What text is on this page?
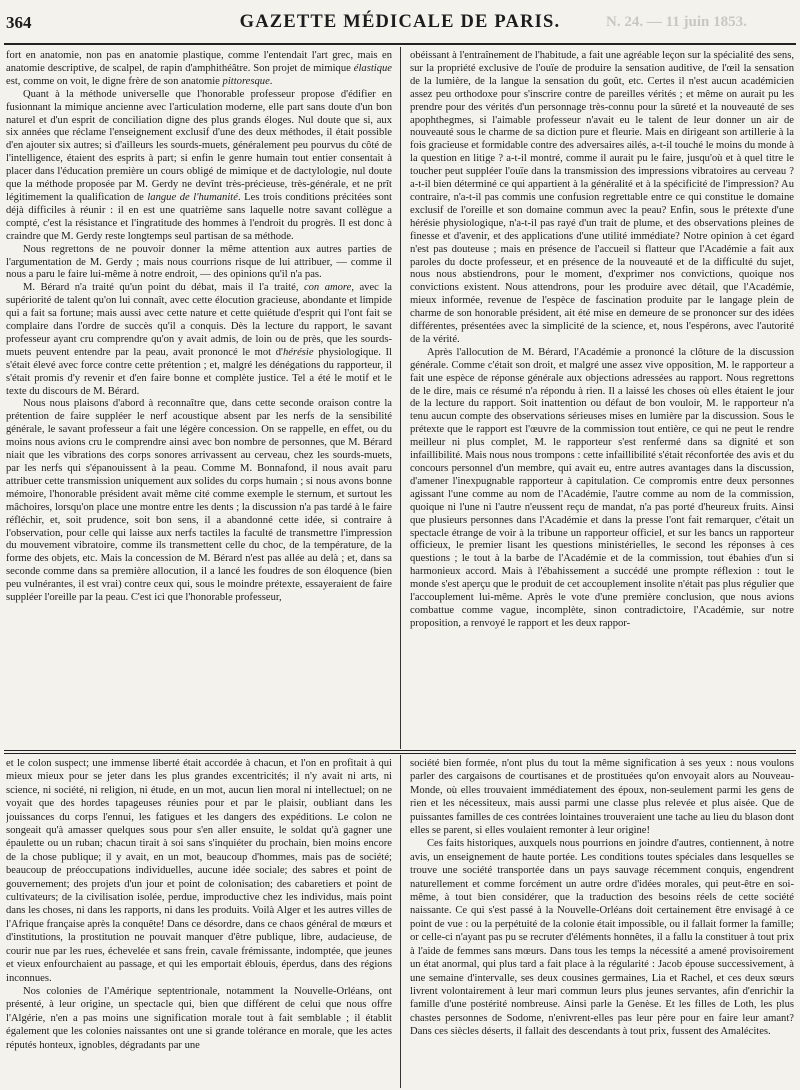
364	GAZETTE MÉDICALE DE PARIS.	N. 24. — 11 juin 1853.

fort en anatomie, non pas en anatomie plastique, comme l'entendait l'art grec, mais en anatomie descriptive, de scalpel, de rapin d'amphithéâtre. Son projet de mimique élastique est, comme on voit, le digne frère de son anatomie pittoresque.

Quant à la méthode universelle que l'honorable professeur propose d'édifier en fusionnant la mimique ancienne avec l'articulation moderne, elle part sans doute d'un bon naturel et d'un esprit de conciliation digne des plus grands éloges. Nul doute que si, aux six années que réclame l'enseignement exclusif d'une des deux méthodes, il était possible d'en ajouter six autres; si d'ailleurs les sourds-muets, généralement peu pourvus du côté de l'intelligence, étaient des esprits à part; si enfin le genre humain tout entier consentait à placer dans l'éducation première un cours obligé de mimique et de dactylologie, nul doute que la méthode proposée par M. Gerdy ne devînt très-précieuse, très-générale, et ne prît légitimement la qualification de langue de l'humanité. Les trois conditions précitées sont déjà difficiles à réunir : il en est une quatrième sans laquelle notre savant collègue a compté, c'est la résistance et l'ingratitude des hommes à l'endroit du progrès. Il est donc à craindre que M. Gerdy reste longtemps seul partisan de sa méthode.

Nous regrettons de ne pouvoir donner la même attention aux autres parties de l'argumentation de M. Gerdy ; mais nous courrions risque de lui attribuer, — comme il nous a paru le faire lui-même à notre endroit, — des opinions qu'il n'a pas.

M. Bérard n'a traité qu'un point du débat, mais il l'a traité, con amore, avec la supériorité de talent qu'on lui connaît, avec cette élocution gracieuse, abondante et limpide qui a fait sa fortune; mais aussi avec cette nature et cette quiétude d'esprit qui l'ont fait se complaire dans l'ordre de succès qu'il a conquis. Dès la lecture du rapport, le savant professeur ayant cru comprendre qu'on y avait admis, de loin ou de près, que les sourds-muets peuvent entendre par la peau, avait prononcé le mot d'hérésie physiologique. Il s'était élevé avec force contre cette prétention ; et, malgré les dénégations du rapporteur, il s'était promis d'y revenir et d'en faire bonne et complète justice. Tel a été le motif et le texte du discours de M. Bérard.

Nous nous plaisons d'abord à reconnaître que, dans cette seconde oraison contre la prétention de faire suppléer le nerf acoustique absent par les nerfs de la sensibilité générale, le savant professeur a fait une légère concession. On se rappelle, en effet, ou du moins nous avions cru le comprendre ainsi avec bon nombre de personnes, que M. Bérard niait que les vibrations des corps sonores arrivassent au cerveau, chez les sourds-muets, par les nerfs qui s'épanouissent à la peau. Comme M. Bonnafond, il nous avait paru attribuer cette transmission uniquement aux solides du corps humain ; si nous avons bonne mémoire, l'honorable président avait même cité comme exemple le sternum, et surtout les mâchoires, lorsqu'on place une montre entre les dents ; la discussion n'a pas tardé à le faire réfléchir, et, soit prudence, soit bon sens, il a abandonné cette idée, si contraire à l'observation, pour celle qui laisse aux nerfs tactiles la faculté de transmettre l'impression du mouvement vibratoire, comme ils transmettent celle du choc, de la température, de la forme des objets, etc. Mais la concession de M. Bérard n'est pas allée au delà ; et, dans sa seconde comme dans sa première allocution, il a lancé les foudres de son éloquence (bien peu vulnérantes, il est vrai) contre ceux qui, sous le moindre prétexte, essayeraient de faire suppléer l'oreille par la peau. C'est ici que l'honorable professeur,

obéissant à l'entraînement de l'habitude, a fait une agréable leçon sur la spécialité des sens, sur la propriété exclusive de l'ouïe de produire la sensation auditive, de l'œil la sensation de la lumière, de la langue la sensation du goût, etc. Certes il n'est aucun académicien assez peu orthodoxe pour s'inscrire contre de pareilles vérités ; et même on aurait pu les prendre pour des vérités d'un personnage très-connu pour la sûreté et la nouveauté de ses apophthegmes, si l'aimable professeur n'avait eu le talent de leur donner un air de nouveauté sous le charme de sa diction pure et fleurie. Mais en dirigeant son artillerie à la fois gracieuse et formidable contre des adversaires ailés, a-t-il touché le moins du monde à la question en litige ? a-t-il montré, comme il aurait pu le faire, jusqu'où et à quel titre le toucher peut suppléer l'ouïe dans la transmission des impressions vibratoires au cerveau ? a-t-il bien déterminé ce qui appartient à la généralité et à la spécificité de l'impression? Au contraire, n'a-t-il pas commis une confusion regrettable entre ce qui constitue le domaine exclusif de l'oreille et son domaine commun avec la peau? Enfin, sous le prétexte d'une hérésie physiologique, n'a-t-il pas rayé d'un trait de plume, et des observations pleines de finesse et d'avenir, et des applications d'une utilité immédiate? Notre opinion à cet égard n'est pas douteuse ; mais en présence de l'accueil si flatteur que l'Académie a fait aux paroles du docte professeur, et en présence de la nouveauté et de la difficulté du sujet, nous nous abstiendrons, pour le moment, d'exprimer nos convictions, quoique nos convictions existent. Nous attendrons, pour les produire avec détail, que l'Académie, mieux informée, revenue de l'espèce de fascination produite par le langage plein de charme de son honorable président, ait été mise en demeure de se prononcer sur des idées différentes, présentées avec la simplicité de la science, et, nous l'espérons, avec l'autorité de la vérité.

Après l'allocution de M. Bérard, l'Académie a prononcé la clôture de la discussion générale. Comme c'était son droit, et malgré une assez vive opposition, M. le rapporteur a fait une espèce de réponse générale aux objections adressées au rapport. Nous regrettons de le dire, mais ce résumé n'a répondu à rien. Il a laissé les choses où elles étaient le jour de la lecture du rapport. Soit inattention ou défaut de bon vouloir, M. le rapporteur n'a tenu aucun compte des observations sérieuses mises en lumière par la discussion. Sous le prétexte que le rapport est l'œuvre de la commission tout entière, ce qui ne peut le rendre meilleur ni plus complet, M. le rapporteur s'est renfermé dans sa dignité et son infaillibilité. Mais nous nous trompons : cette infaillibilité s'était réconfortée des avis et du concours personnel d'un membre, qui avait eu, entre autres avantages dans la discussion, d'amener l'inexpugnable rapporteur à capitulation. Ce compromis entre deux personnes agissant l'une comme au nom de l'Académie, l'autre comme au nom de la commission, quoique ni l'une ni l'autre n'eussent reçu de mandat, n'a pas porté d'heureux fruits. Ainsi que plusieurs personnes dans l'Académie et dans la presse l'ont fait remarquer, c'était un spectacle étrange de voir à la tribune un rapporteur officiel, et sur les bancs un rapporteur officieux, le premier lisant les questions ministérielles, le second les réponses à ces questions ; le tout à la barbe de l'Académie et de la commission, tout ébahies d'un si harmonieux accord. Mais à l'ébahissement a succédé une prompte réflexion : tout le monde s'est aperçu que le produit de cet accouplement insolite n'était pas plus régulier que l'accouplement lui-même. Après le vote d'une première conclusion, que nous avions combattue comme vague, incomplète, sinon contradictoire, l'Académie, sur notre proposition, a renvoyé le rapport et les deux rappor-

et le colon suspect; une immense liberté était accordée à chacun, et l'on en profitait à qui mieux mieux pour se jeter dans les plus grandes excentricités; il n'y avait ni arts, ni science, ni société, ni religion, ni étude, en un mot, aucun lien moral ni intellectuel; on ne voyait que des hordes tapageuses réunies pour et par le plaisir, oubliant dans les jouissances du corps l'ennui, les fatigues et les dangers des expéditions. Le colon ne songeait qu'à amasser quelques sous pour s'en aller ensuite, le soldat qu'à gagner une épaulette ou un ruban; chacun tirait à soi sans s'inquiéter du prochain, bien moins encore de la chose publique; il y avait, en un mot, beaucoup d'hommes, mais pas de société; beaucoup de préoccupations individuelles, aucune idée sociale; des sabres et point de gouvernement; des projets d'un jour et point de colonisation; des cabaretiers et point de cultivateurs; de la civilisation isolée, perdue, improductive chez les individus, mais point dans les choses, ni dans les rapports, ni dans les produits. Voilà Alger et les autres villes de l'Afrique française après la conquête! Dans ce désordre, dans ce chaos général de mœurs et d'institutions, la prostitution ne pouvait manquer d'être publique, libre, audacieuse, de courir nue par les rues, échevelée et sans frein, cavale frémissante, indomptée, que jeunes et vieux enfourchaient au passage, et qui les emportait éblouis, éperdus, dans des régions inconnues.

Nos colonies de l'Amérique septentrionale, notamment la Nouvelle-Orléans, ont présenté, à leur origine, un spectacle qui, bien que différent de celui que nous offre l'Algérie, n'en a pas moins une signification morale tout à fait semblable ; il établit également que les colonies naissantes ont une si grande tolérance en morale, que les actes réputés honteux, ignobles, dégradants par une

société bien formée, n'ont plus du tout la même signification à ses yeux : nous voulons parler des cargaisons de courtisanes et de prostituées qu'on envoyait alors au Nouveau-Monde, où elles trouvaient immédiatement des époux, non-seulement parmi les gens de rien et les nécessiteux, mais aussi parmi une classe plus relevée et plus aisée. Que de puissantes familles de ces contrées lointaines trouveraient une tache au lieu du blason dont elles se parent, si elles voulaient remonter à leur origine!

Ces faits historiques, auxquels nous pourrions en joindre d'autres, contiennent, à notre avis, un enseignement de haute portée. Les conditions toutes spéciales dans lesquelles se trouve une société transportée dans un pays sauvage récemment conquis, engendrent naturellement et comme forcément un autre ordre d'idées morales, qui peut-être en soi-même, à tout bien considérer, que la traduction des besoins réels de cette société naissante. Ce qui s'est passé à la Nouvelle-Orléans doit certainement être envisagé à ce point de vue : ou la perpétuité de la colonie était impossible, ou il fallait former la famille; or celle-ci n'ayant pas pu se recruter d'éléments honnêtes, il a fallu la constituer à tout prix à l'aide de femmes sans mœurs. Dans tous les temps la nécessité a amené provisoirement un état anormal, qui plus tard a fait place à la régularité : Jacob épouse successivement, à une semaine d'intervalle, ses deux cousines germaines, Lia et Rachel, et ces deux sœurs livrent volontairement à leur mari commun leurs plus jeunes servantes, afin d'enrichir la famille d'une postérité nombreuse. Ainsi parle la Genèse. Et les filles de Loth, les plus chastes personnes de Sodome, n'enivrent-elles pas leur père pour en faire leur amant? Dans ces siècles déserts, il fallait des descendants à tout prix, fussent des Amalécites.
